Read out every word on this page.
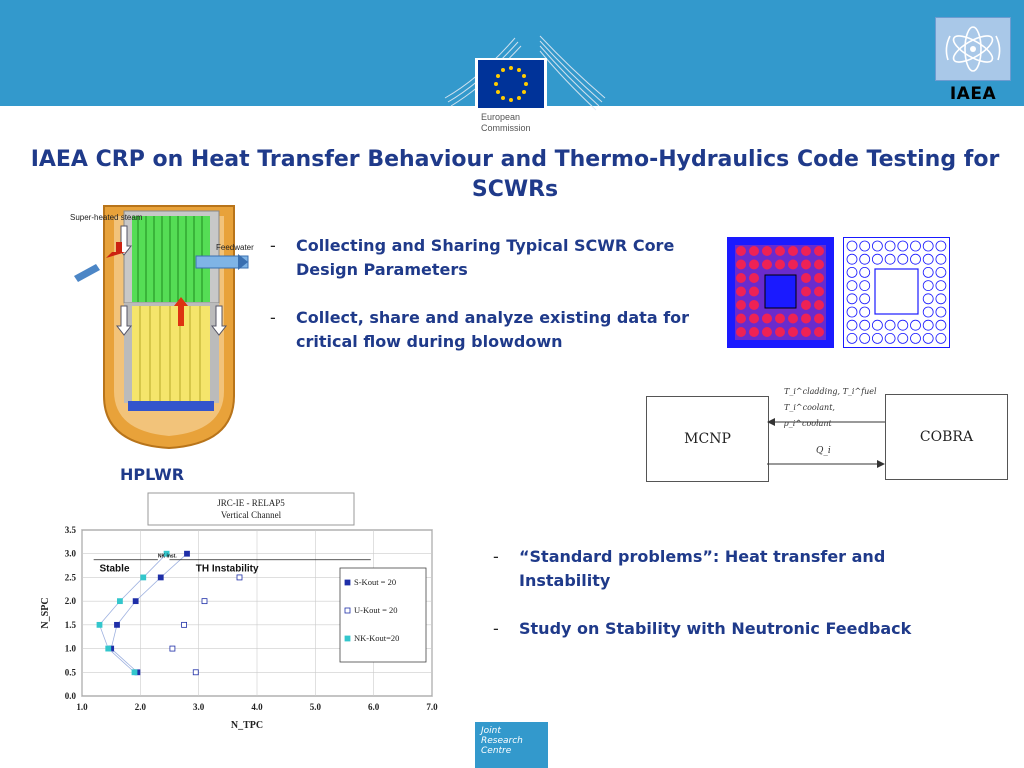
European
Commission
IAEA
IAEA CRP on Heat Transfer Behaviour and Thermo-Hydraulics Code Testing for SCWRs
Super-heated steam
Feedwater
HPLWR
- Collecting and Sharing Typical SCWR Core Design Parameters
- Collect, share and analyze existing data for critical flow during blowdown
MCNP	COBRA
T_i^cladding, T_i^fuel
T_i^coolant, ρ_i^coolant
Q_i
JRC-IE - RELAP5
Vertical Channel
1.0	2.0	3.0	4.0	5.0	6.0	7.0
0.0
0.5
1.0
1.5
2.0
2.5
3.0
3.5
N_TPC
N_SPC
Stable	TH Instability
NK inst.
S-Kout = 20
U-Kout = 20
NK-Kout=20
- “Standard problems”: Heat transfer and Instability
- Study on Stability with Neutronic Feedback
Joint
Research
Centre
